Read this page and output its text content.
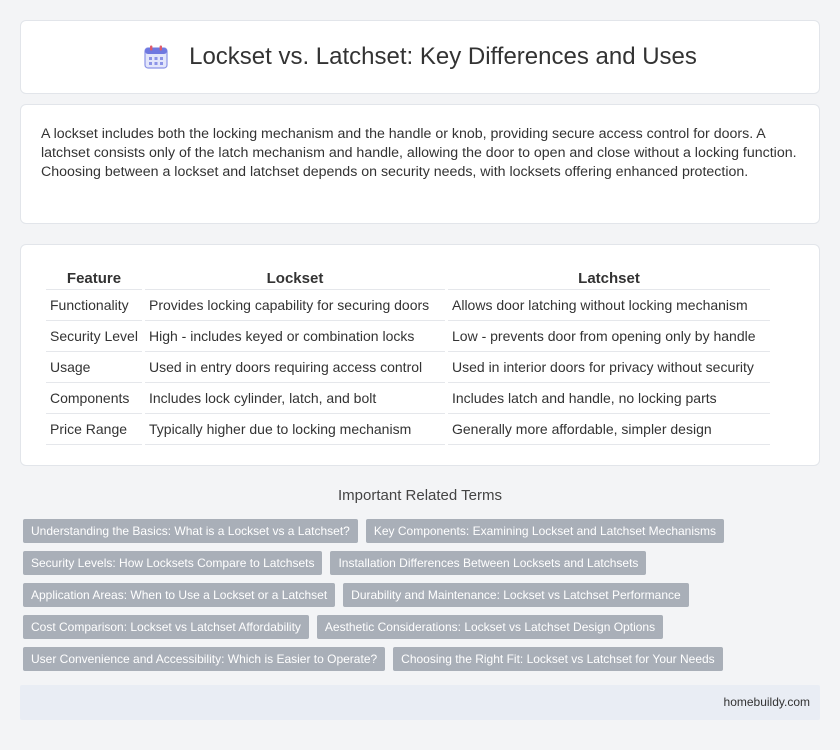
Lockset vs. Latchset: Key Differences and Uses

A lockset includes both the locking mechanism and the handle or knob, providing secure access control for doors. A latchset consists only of the latch mechanism and handle, allowing the door to open and close without a locking function. Choosing between a lockset and latchset depends on security needs, with locksets offering enhanced protection.

Feature	Lockset	Latchset
Functionality	Provides locking capability for securing doors	Allows door latching without locking mechanism
Security Level	High - includes keyed or combination locks	Low - prevents door from opening only by handle
Usage	Used in entry doors requiring access control	Used in interior doors for privacy without security
Components	Includes lock cylinder, latch, and bolt	Includes latch and handle, no locking parts
Price Range	Typically higher due to locking mechanism	Generally more affordable, simpler design
Important Related Terms
Understanding the Basics: What is a Lockset vs a Latchset?	Key Components: Examining Lockset and Latchset Mechanisms
Security Levels: How Locksets Compare to Latchsets	Installation Differences Between Locksets and Latchsets
Application Areas: When to Use a Lockset or a Latchset	Durability and Maintenance: Lockset vs Latchset Performance
Cost Comparison: Lockset vs Latchset Affordability	Aesthetic Considerations: Lockset vs Latchset Design Options
User Convenience and Accessibility: Which is Easier to Operate?	Choosing the Right Fit: Lockset vs Latchset for Your Needs
homebuildy.com
